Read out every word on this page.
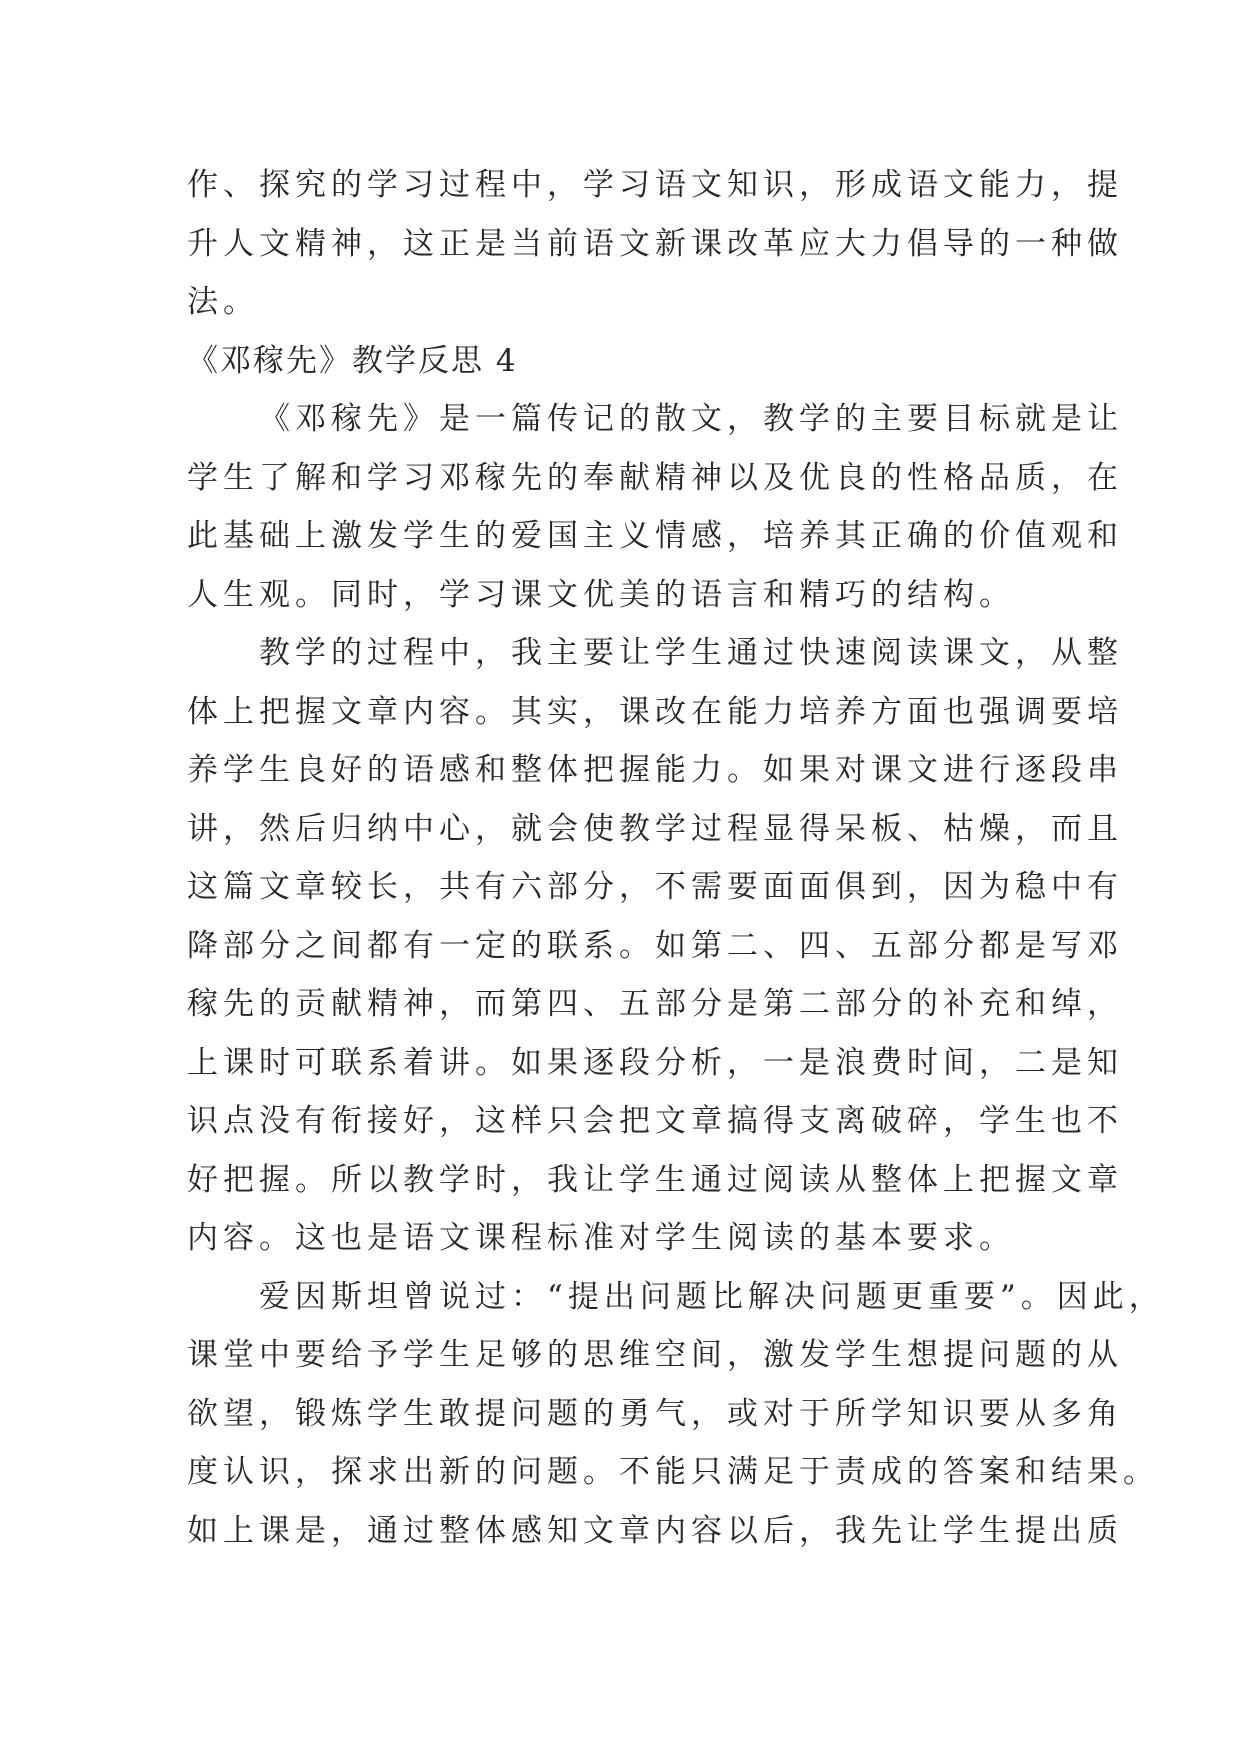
作、探究的学习过程中，学习语文知识，形成语文能力，提
升人文精神，这正是当前语文新课改革应大力倡导的一种做
法。
《邓稼先》教学反思 4
《邓稼先》是一篇传记的散文，教学的主要目标就是让
学生了解和学习邓稼先的奉献精神以及优良的性格品质，在
此基础上激发学生的爱国主义情感，培养其正确的价值观和
人生观。同时，学习课文优美的语言和精巧的结构。
教学的过程中，我主要让学生通过快速阅读课文，从整
体上把握文章内容。其实，课改在能力培养方面也强调要培
养学生良好的语感和整体把握能力。如果对课文进行逐段串
讲，然后归纳中心，就会使教学过程显得呆板、枯燥，而且
这篇文章较长，共有六部分，不需要面面俱到，因为稳中有
降部分之间都有一定的联系。如第二、四、五部分都是写邓
稼先的贡献精神，而第四、五部分是第二部分的补充和绰，
上课时可联系着讲。如果逐段分析，一是浪费时间，二是知
识点没有衔接好，这样只会把文章搞得支离破碎，学生也不
好把握。所以教学时，我让学生通过阅读从整体上把握文章
内容。这也是语文课程标准对学生阅读的基本要求。
爱因斯坦曾说过：“提出问题比解决问题更重要”。因此，
课堂中要给予学生足够的思维空间，激发学生想提问题的从
欲望，锻炼学生敢提问题的勇气，或对于所学知识要从多角
度认识，探求出新的问题。不能只满足于责成的答案和结果。
如上课是，通过整体感知文章内容以后，我先让学生提出质
